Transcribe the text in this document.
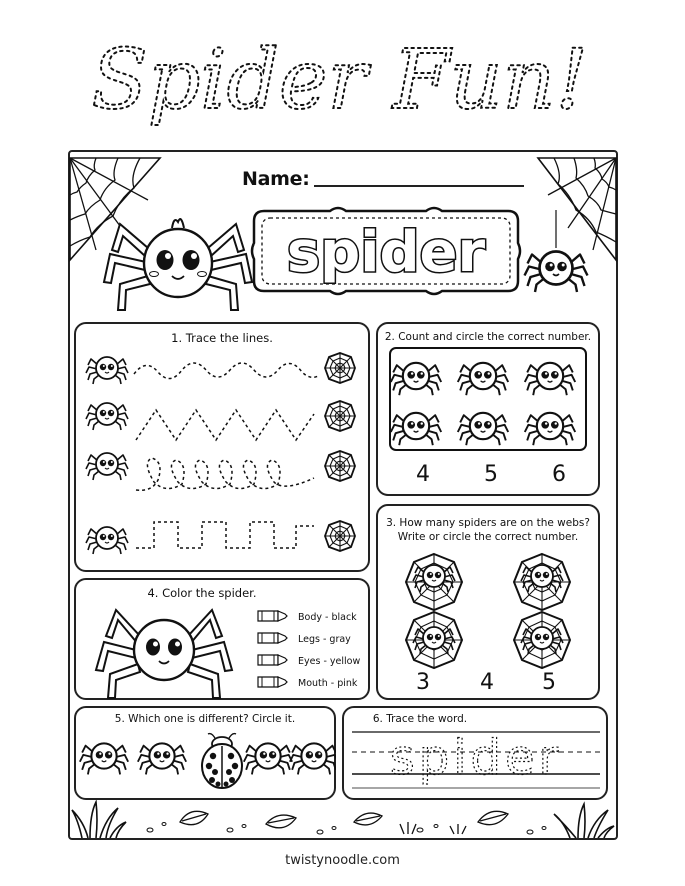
Spider Fun!
Name:
spider
1. Trace the lines.	2. Count and circle the correct number.
4 5 6
3. How many spiders are on the webs?
Write or circle the correct number.
3 4 5
4. Color the spider.
Body - black
Legs - gray
Eyes - yellow
Mouth - pink
5. Which one is different? Circle it.	6. Trace the word.
spider
twistynoodle.com
